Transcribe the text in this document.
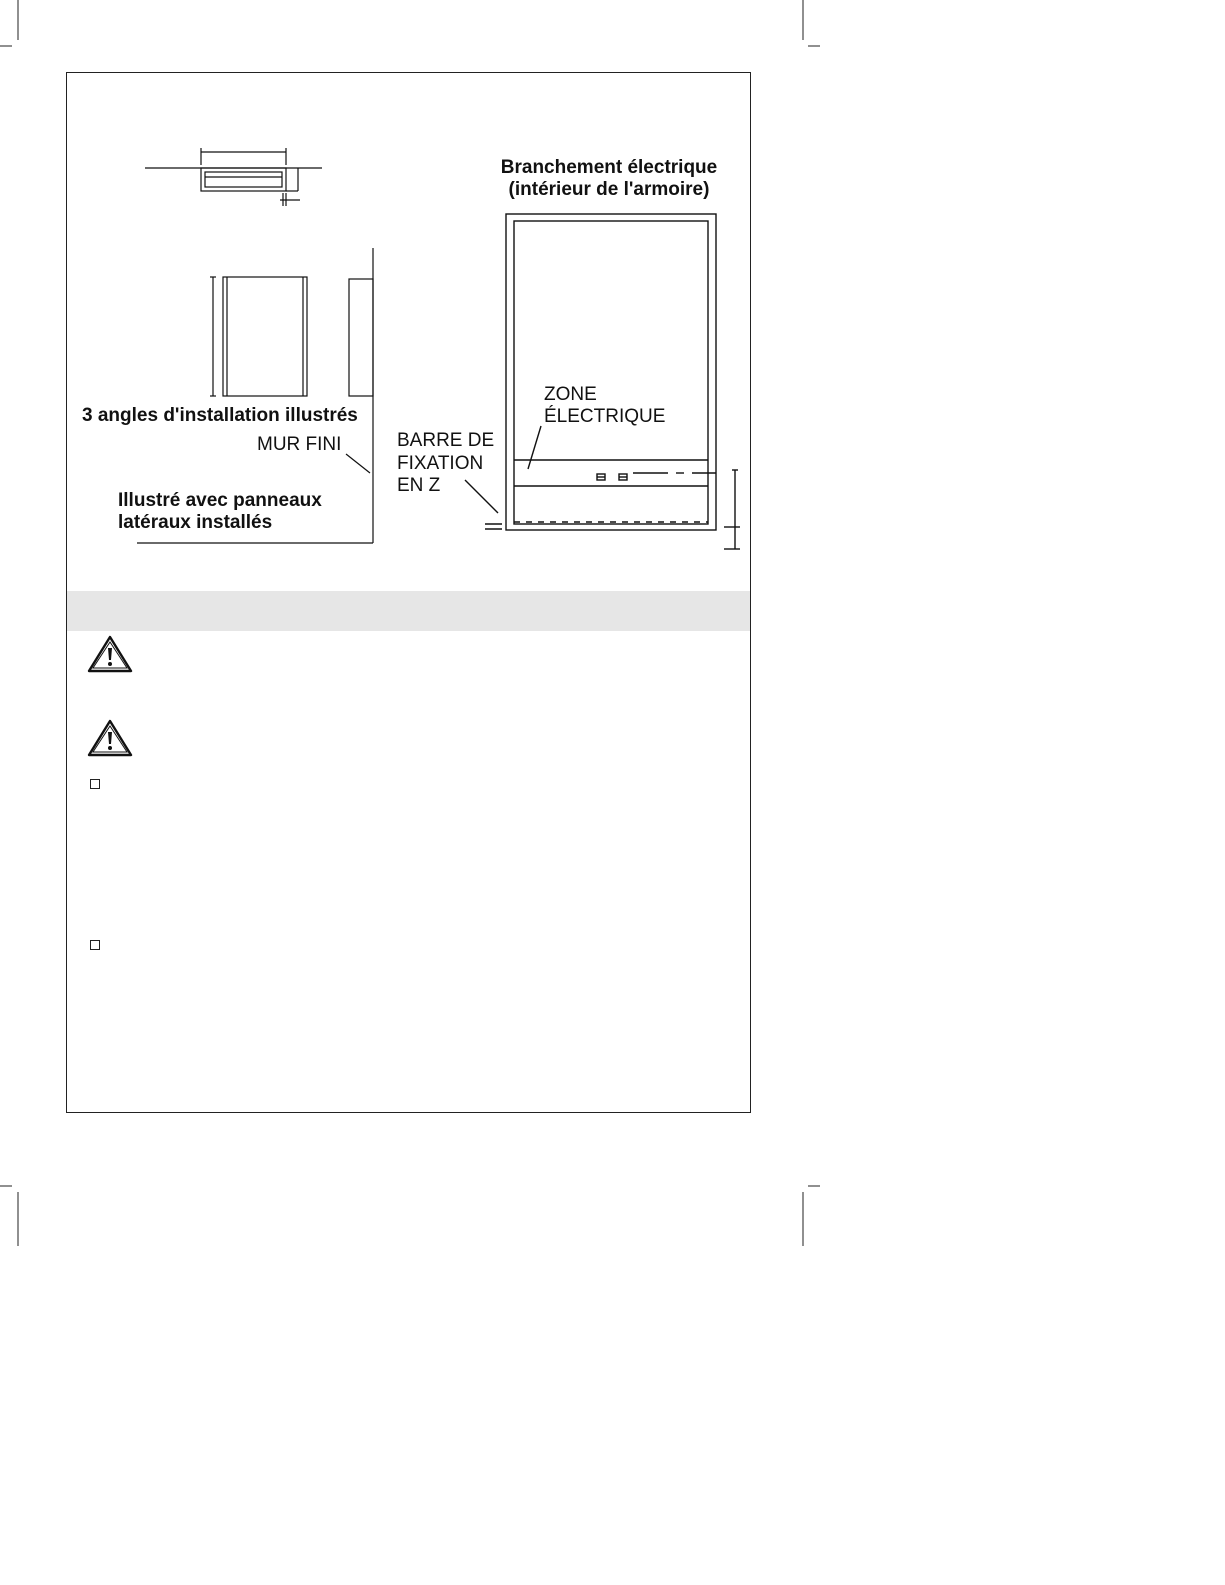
3 angles d'installation illustrés
MUR FINI
Illustré avec panneaux
latéraux installés
Branchement électrique
(intérieur de l'armoire)
ZONE
ÉLECTRIQUE
BARRE DE
FIXATION
EN Z
